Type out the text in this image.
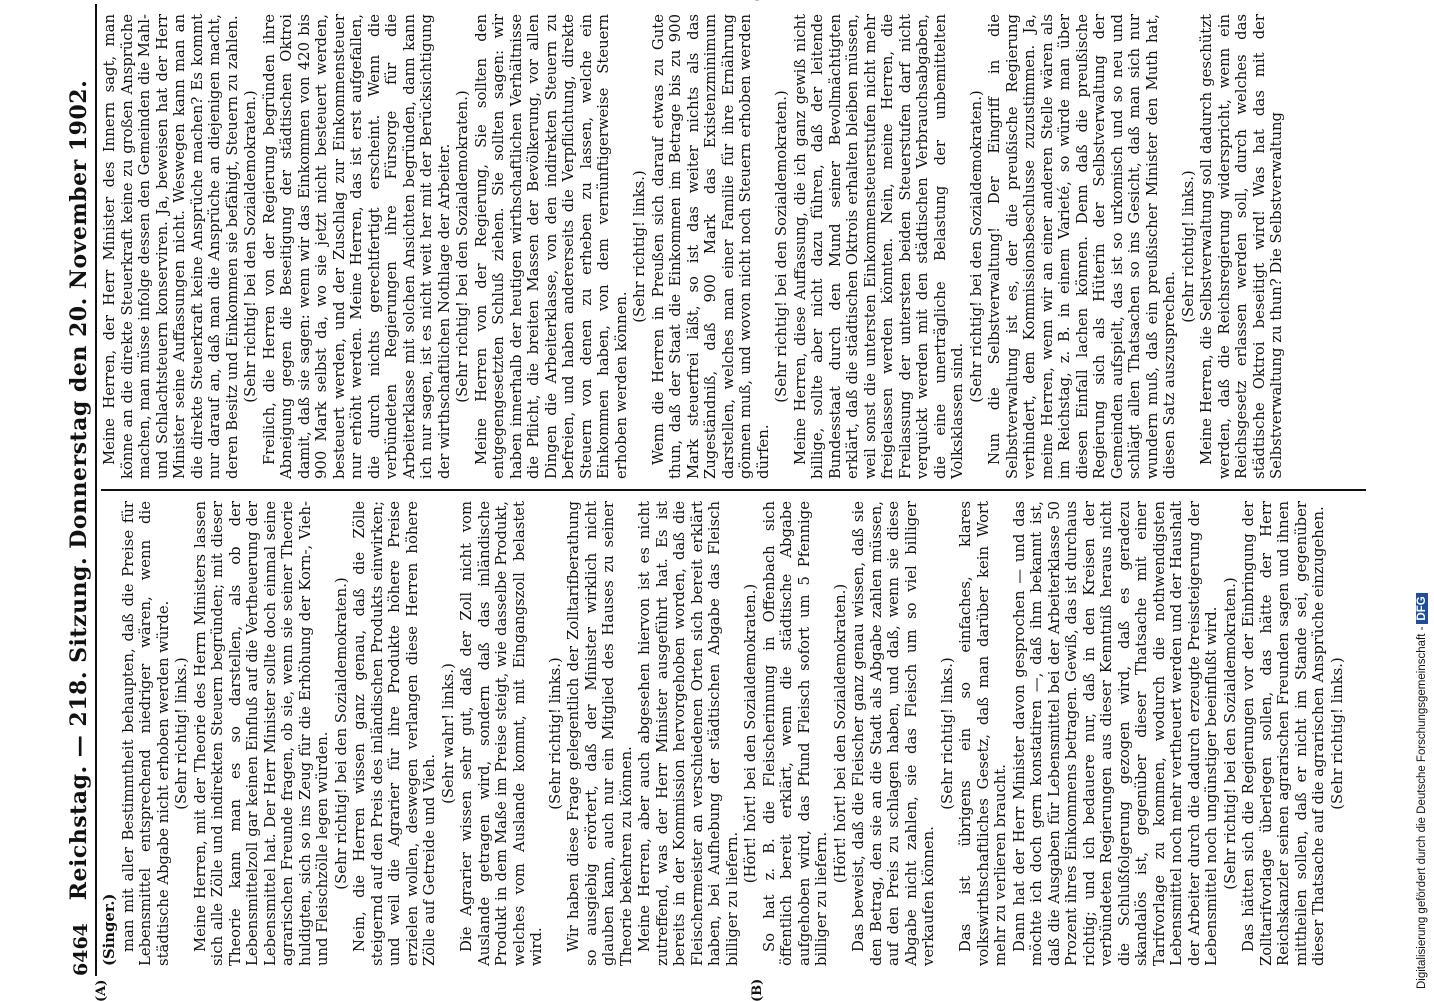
6464
Reichstag. — 218. Sitzung. Donnerstag den 20. November 1902.

(Singer.) man mit aller Bestimmtheit behaupten, daß die Preise für Lebensmittel entsprechend niedriger wären, wenn die städtische Abgabe nicht erhoben werden würde. (Sehr richtig! links.) Meine Herren, mit der Theorie des Herrn Ministers lassen sich alle Zölle und indirekten Steuern begründen; mit dieser Theorie kann man es so darstellen, als ob der Lebensmittelzoll gar keinen Einfluß auf die Vertheuerung der Lebensmittel hat. Der Herr Minister sollte doch einmal seine agrarischen Freunde fragen, ob sie, wenn sie seiner Theorie huldigten, sich so ins Zeug für die Erhöhung der Korn-, Vieh- und Fleischzölle legen würden. (Sehr richtig! bei den Sozialdemokraten.) Nein, die Herren wissen ganz genau, daß die Zölle steigernd auf den Preis des inländischen Produkts einwirken; und weil die Agrarier für ihre Produkte höhere Preise erzielen wollen, deswegen verlangen diese Herren höhere Zölle auf Getreide und Vieh.

(Sehr wahr! links.) Die Agrarier wissen sehr gut, daß der Zoll nicht vom Auslande getragen wird, sondern daß das inländische Produkt in dem Maße im Preise steigt, wie dasselbe Produkt, welches vom Auslande kommt, mit Eingangszoll belastet wird.

(Sehr richtig! links.) Wir haben diese Frage gelegentlich der Zolltarifberathung so ausgiebig erörtert, daß der Minister wirklich nicht glauben kann, auch nur ein Mitglied des Hauses zu seiner Theorie bekehren zu können. Meine Herren, aber auch abgesehen hiervon ist es nicht zutreffend, was der Herr Minister ausgeführt hat. Es ist bereits in der Kommission hervorgehoben worden, daß die Fleischermeister an verschiedenen Orten sich bereit erklärt haben, bei Aufhebung der städtischen Abgabe das Fleisch billiger zu liefern.

(Hört! hört! bei den Sozialdemokraten.) So hat z. B. die Fleischerinnung in Offenbach sich öffentlich bereit erklärt, wenn die städtische Abgabe aufgehoben wird, das Pfund Fleisch sofort um 5 Pfennige billiger zu liefern.

(Hört! hört! bei den Sozialdemokraten.) Das beweist, daß die Fleischer ganz genau wissen, daß sie den Betrag, den sie an die Stadt als Abgabe zahlen müssen, auf den Preis zu schlagen haben, und daß, wenn sie diese Abgabe nicht zahlen, sie das Fleisch um so viel billiger verkaufen können.

(Sehr richtig! links.) Das ist übrigens ein so einfaches, klares volkswirthschaftliches Gesetz, daß man darüber kein Wort mehr zu verlieren braucht. Dann hat der Herr Minister davon gesprochen — und das möchte ich doch gern konstatiren —, daß ihm bekannt ist, daß die Ausgaben für Lebensmittel bei der Arbeiterklasse 50 Prozent ihres Einkommens betragen. Gewiß, das ist durchaus richtig; und ich bedauere nur, daß in den Kreisen der verbündeten Regierungen aus dieser Kenntniß heraus nicht die Schlußfolgerung gezogen wird, daß es geradezu skandalös ist, gegenüber dieser Thatsache mit einer Tarifvorlage zu kommen, wodurch die nothwendigsten Lebensmittel noch mehr vertheuert werden und der Haushalt der Arbeiter durch die dadurch erzeugte Preissteigerung der Lebensmittel noch ungünstiger beeinflußt wird. (Sehr richtig! bei den Sozialdemokraten.) Das hätten sich die Regierungen vor der Einbringung der Zolltarifvorlage überlegen sollen, das hätte der Herr Reichskanzler seinen agrarischen Freunden sagen und ihnen mittheilen sollen, daß er nicht im Stande sei, gegenüber dieser Thatsache auf die agrarischen Ansprüche einzugehen. (Sehr richtig! links.)

Meine Herren, der Herr Minister des Innern sagt, man könne an die direkte Steuerkraft keine zu großen Ansprüche machen, man müsse infolge dessen den Gemeinden die Mahl- und Schlachtsteuern konserviren. Ja, beweisen hat der Herr Minister seine Auffassungen nicht. Weswegen kann man an die direkte Steuerkraft keine Ansprüche machen? Es kommt nur darauf an, daß man die Ansprüche an diejenigen macht, deren Besitz und Einkommen sie befähigt, Steuern zu zahlen. (Sehr richtig! bei den Sozialdemokraten.) Freilich, die Herren von der Regierung begründen ihre Abneigung gegen die Beseitigung der städtischen Oktroi damit, daß sie sagen: wenn wir das Einkommen von 420 bis 900 Mark selbst da, wo sie jetzt nicht besteuert werden, besteuert werden, und der Zuschlag zur Einkommensteuer nur erhöht werden. Meine Herren, das ist erst aufgefallen, die durch nichts gerechtfertigt erscheint. Wenn die verbündeten Regierungen ihre Fürsorge für die Arbeiterklasse mit solchen Ansichten begründen, dann kann ich nur sagen, ist es nicht weit her mit der Berücksichtigung der wirthschaftlichen Nothlage der Arbeiter. (Sehr richtig! bei den Sozialdemokraten.) Meine Herren von der Regierung, Sie sollten den entgegengesetzten Schluß ziehen. Sie sollten sagen: wir haben innerhalb der heutigen wirthschaftlichen Verhältnisse die Pflicht, die breiten Massen der Bevölkerung, vor allen Dingen die Arbeiterklasse, von den indirekten Steuern zu befreien, und haben andererseits die Verpflichtung, direkte Steuern von denen zu erheben zu lassen, welche ein Einkommen haben, von dem vernünftigerweise Steuern erhoben werden können.

(Sehr richtig! links.) Wenn die Herren in Preußen sich darauf etwas zu Gute thun, daß der Staat die Einkommen im Betrage bis zu 900 Mark steuerfrei läßt, so ist das weiter nichts als das Zugeständniß, daß 900 Mark das Existenzminimum darstellen, welches man einer Familie für ihre Ernährung gönnen muß, und wovon nicht noch Steuern erhoben werden dürfen.

(Sehr richtig! bei den Sozialdemokraten.) Meine Herren, diese Auffassung, die ich ganz gewiß nicht billige, sollte aber nicht dazu führen, daß der leitende Bundesstaat durch den Mund seiner Bevollmächtigten erklärt, daß die städtischen Oktrois erhalten bleiben müssen, weil sonst die untersten Einkommensteuerstufen nicht mehr freigelassen werden könnten. Nein, meine Herren, die Freilassung der untersten beiden Steuerstufen darf nicht verquickt werden mit den städtischen Verbrauchsabgaben, die eine unerträgliche Belastung der unbemittelten Volksklassen sind.

(Sehr richtig! bei den Sozialdemokraten.) Nun die Selbstverwaltung! Der Eingriff in die Selbstverwaltung ist es, der die preußische Regierung verhindert, dem Kommissionsbeschlusse zuzustimmen. Ja, meine Herren, wenn wir an einer anderen Stelle wären als im Reichstag, z. B. in einem Varieté, so würde man über diesen Einfall lachen können. Denn daß die preußische Regierung sich als Hüterin der Selbstverwaltung der Gemeinden aufspielt, das ist so urkomisch und so neu und schlägt allen Thatsachen so ins Gesicht, daß man sich nur wundern muß, daß ein preußischer Minister den Muth hat, diesen Satz auszusprechen.

(Sehr richtig! links.) Meine Herren, die Selbstverwaltung soll dadurch geschützt werden, daß die Reichsregierung widerspricht, wenn ein Reichsgesetz erlassen werden soll, durch welches das städtische Oktroi beseitigt wird! Was hat das mit der Selbstverwaltung zu thun? Die Selbstverwaltung

(A)	(B)
Digitalisierung gefördert durch die Deutsche Forschungsgemeinschaft -DFG
